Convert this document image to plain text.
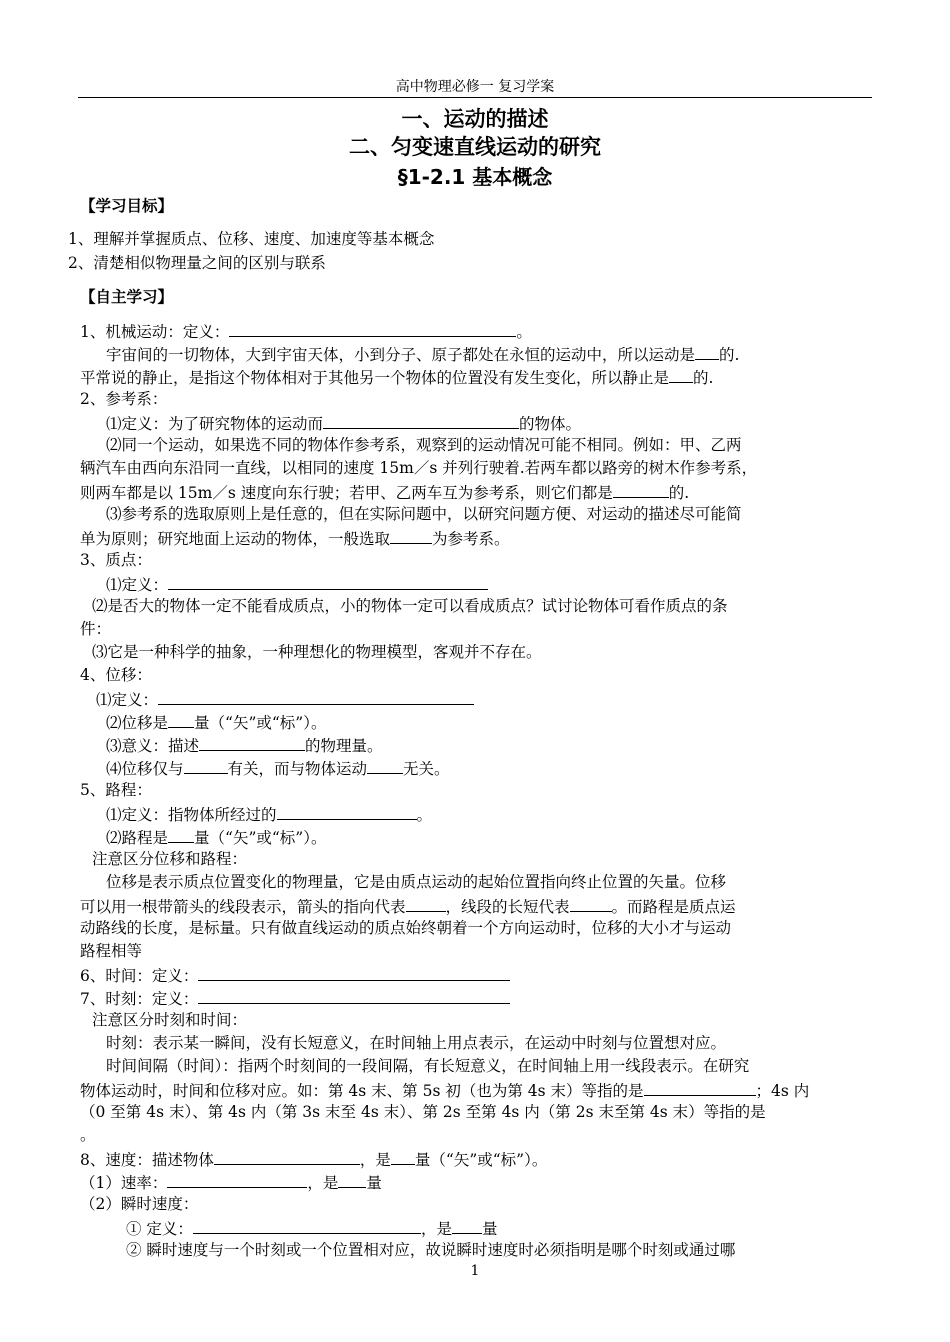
高中物理必修一 复习学案
一、运动的描述
二、匀变速直线运动的研究
§1-2.1 基本概念
【学习目标】
1、理解并掌握质点、位移、速度、加速度等基本概念
2、清楚相似物理量之间的区别与联系
【自主学习】
1、机械运动：定义：	。
宇宙间的一切物体，大到宇宙天体，小到分子、原子都处在永恒的运动中，所以运动是 的.
平常说的静止，是指这个物体相对于其他另一个物体的位置没有发生变化，所以静止是 的.
2、参考系：
⑴定义：为了研究物体的运动而	的物体。
⑵同一个运动，如果选不同的物体作参考系，观察到的运动情况可能不相同。例如：甲、乙两
辆汽车由西向东沿同一直线，以相同的速度 15m／s 并列行驶着.若两车都以路旁的树木作参考系，
则两车都是以 15m／s 速度向东行驶；若甲、乙两车互为参考系，则它们都是	的.
⑶参考系的选取原则上是任意的，但在实际问题中，以研究问题方便、对运动的描述尽可能简
单为原则；研究地面上运动的物体，一般选取	为参考系。
3、质点：
⑴定义：
⑵是否大的物体一定不能看成质点，小的物体一定可以看成质点？试讨论物体可看作质点的条
件：
⑶它是一种科学的抽象，一种理想化的物理模型，客观并不存在。
4、位移：
⑴定义：
⑵位移是 量（“矢”或“标”）。
⑶意义：描述	的物理量。
⑷位移仅与	有关，而与物体运动 无关。
5、路程：
⑴定义：指物体所经过的	。
⑵路程是 量（“矢”或“标”）。
注意区分位移和路程：
位移是表示质点位置变化的物理量，它是由质点运动的起始位置指向终止位置的矢量。位移
可以用一根带箭头的线段表示，箭头的指向代表	，线段的长短代表	。而路程是质点运
动路线的长度，是标量。只有做直线运动的质点始终朝着一个方向运动时，位移的大小才与运动
路程相等
6、时间：定义：
7、时刻：定义：
注意区分时刻和时间：
时刻：表示某一瞬间，没有长短意义，在时间轴上用点表示，在运动中时刻与位置想对应。
时间间隔（时间）：指两个时刻间的一段间隔，有长短意义，在时间轴上用一线段表示。在研究
物体运动时，时间和位移对应。如：第 4s 末、第 5s 初（也为第 4s 末）等指的是	；4s 内
（0 至第 4s 末）、第 4s 内（第 3s 末至 4s 末）、第 2s 至第 4s 内（第 2s 末至第 4s 末）等指的是
。
8、速度：描述物体	，是 量（“矢”或“标”）。
（1）速率：	，是 量
（2）瞬时速度：
① 定义：	，是 量
② 瞬时速度与一个时刻或一个位置相对应，故说瞬时速度时必须指明是哪个时刻或通过哪
1
